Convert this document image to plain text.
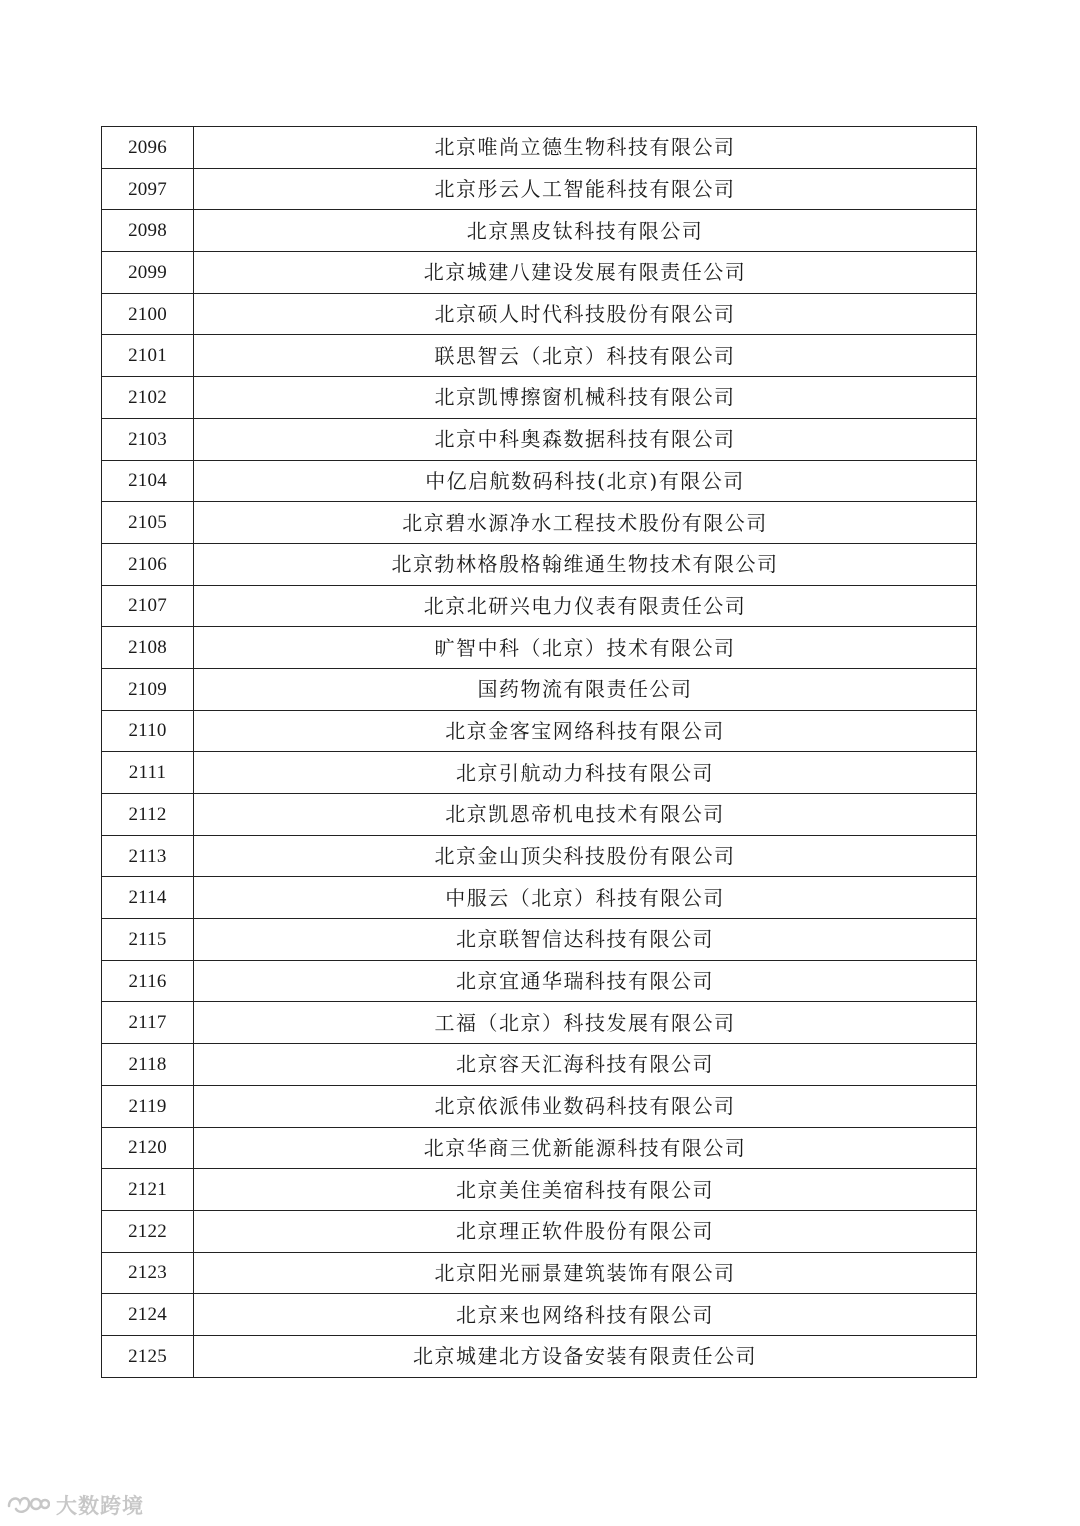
2096	北京唯尚立德生物科技有限公司
2097	北京彤云人工智能科技有限公司
2098	北京黑皮钛科技有限公司
2099	北京城建八建设发展有限责任公司
2100	北京硕人时代科技股份有限公司
2101	联思智云（北京）科技有限公司
2102	北京凯博擦窗机械科技有限公司
2103	北京中科奥森数据科技有限公司
2104	中亿启航数码科技(北京)有限公司
2105	北京碧水源净水工程技术股份有限公司
2106	北京勃林格殷格翰维通生物技术有限公司
2107	北京北研兴电力仪表有限责任公司
2108	旷智中科（北京）技术有限公司
2109	国药物流有限责任公司
2110	北京金客宝网络科技有限公司
2111	北京引航动力科技有限公司
2112	北京凯恩帝机电技术有限公司
2113	北京金山顶尖科技股份有限公司
2114	中服云（北京）科技有限公司
2115	北京联智信达科技有限公司
2116	北京宜通华瑞科技有限公司
2117	工福（北京）科技发展有限公司
2118	北京容天汇海科技有限公司
2119	北京依派伟业数码科技有限公司
2120	北京华商三优新能源科技有限公司
2121	北京美住美宿科技有限公司
2122	北京理正软件股份有限公司
2123	北京阳光丽景建筑装饰有限公司
2124	北京来也网络科技有限公司
2125	北京城建北方设备安装有限责任公司
大数跨境
